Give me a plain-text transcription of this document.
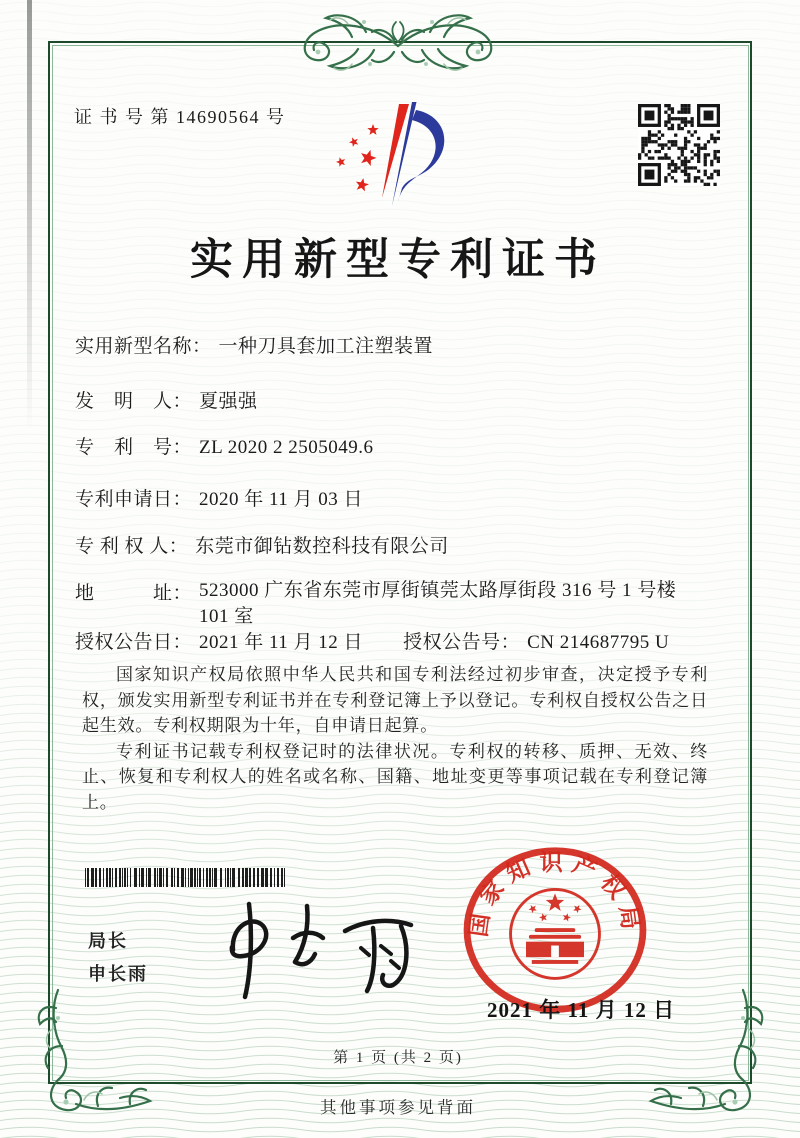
证 书 号 第 14690564 号
实用新型专利证书
实用新型名称： 一种刀具套加工注塑装置
发　明　人： 夏强强
专　利　号： ZL 2020 2 2505049.6
专利申请日： 2020 年 11 月 03 日
专 利 权 人： 东莞市御钻数控科技有限公司
地　　　址： 523000 广东省东莞市厚街镇莞太路厚街段 316 号 1 号楼 101 室
授权公告日： 2021 年 11 月 12 日 授权公告号： CN 214687795 U

国家知识产权局依照中华人民共和国专利法经过初步审查，决定授予专利权，颁发实用新型专利证书并在专利登记簿上予以登记。专利权自授权公告之日起生效。专利权期限为十年，自申请日起算。

专利证书记载专利权登记时的法律状况。专利权的转移、质押、无效、终止、恢复和专利权人的姓名或名称、国籍、地址变更等事项记载在专利登记簿上。

局长
申长雨
国家知识产权局
2021 年 11 月 12 日
第 1 页 (共 2 页)
其他事项参见背面
